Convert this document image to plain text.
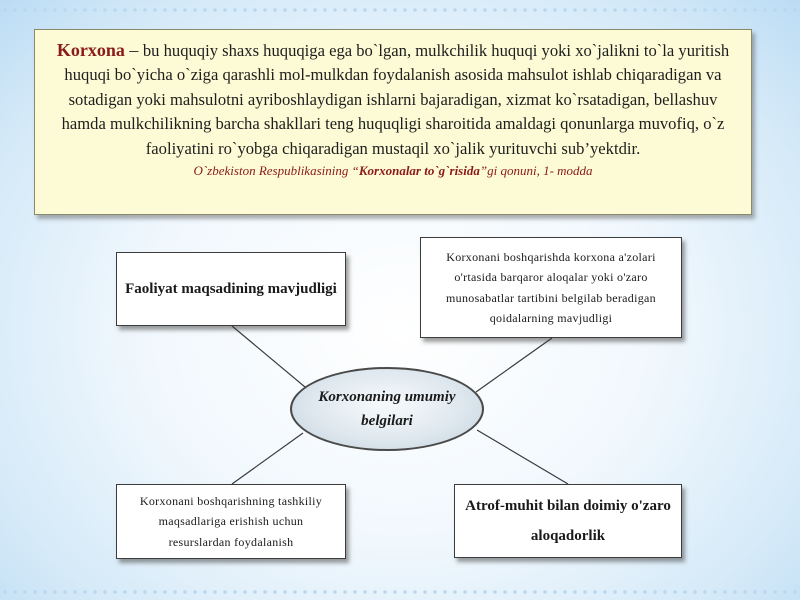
Korxona – bu huquqiy shaxs huquqiga ega bo`lgan, mulkchilik huquqi yoki xo`jalikni to`la yuritish huquqi bo`yicha o`ziga qarashli mol-mulkdan foydalanish asosida mahsulot ishlab chiqaradigan va sotadigan yoki mahsulotni ayriboshlaydigan ishlarni bajaradigan, xizmat ko`rsatadigan, bellashuv hamda mulkchilikning barcha shakllari teng huquqligi sharoitida amaldagi qonunlarga muvofiq, o`z faoliyatini ro`yobga chiqaradigan mustaqil xo`jalik yurituvchi sub’yektdir.

O`zbekiston Respublikasining “Korxonalar to`g`risida”gi qonuni, 1- modda
Faoliyat maqsadining mavjudligi
Korxonani boshqarishda korxona a'zolari o'rtasida barqaror aloqalar yoki o'zaro munosabatlar tartibini belgilab beradigan qoidalarning mavjudligi
Korxonani boshqarishning tashkiliy maqsadlariga erishish uchun resurslardan foydalanish
Atrof-muhit bilan doimiy o'zaro aloqadorlik
Korxonaning umumiy belgilari
